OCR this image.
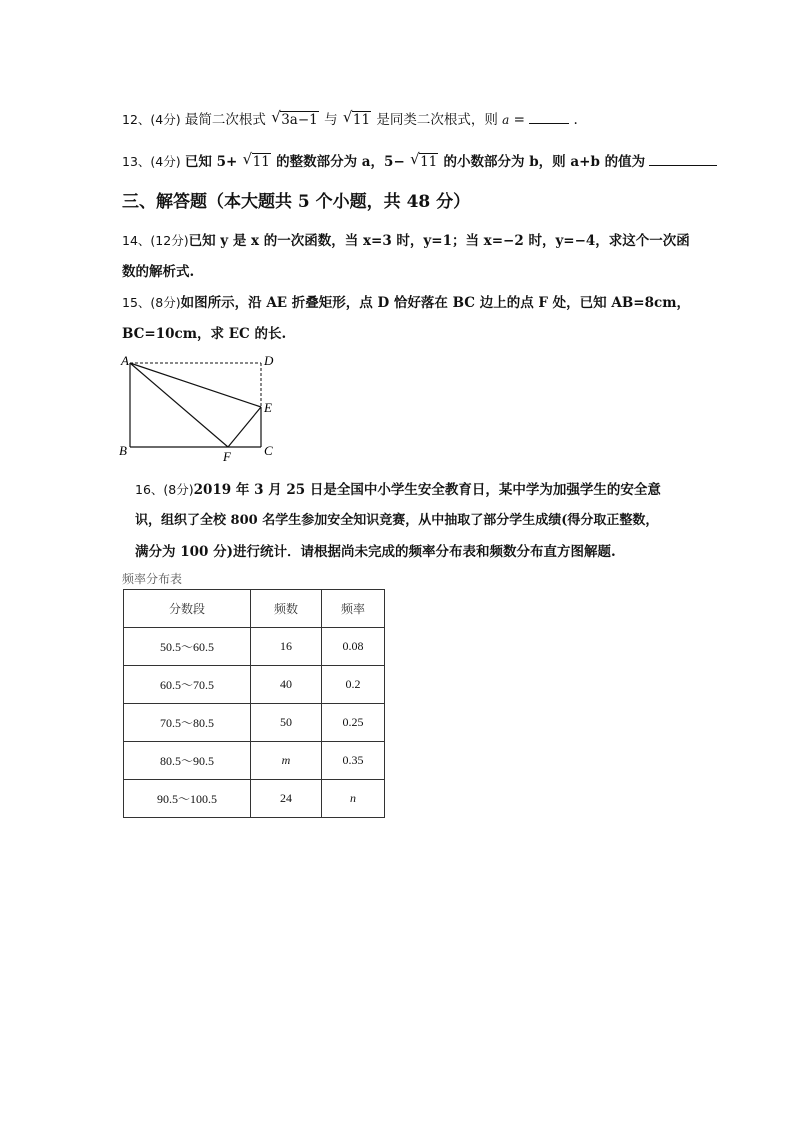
12、(4分) 最简二次根式 √ 3a−1 与 √ 11 是同类二次根式，则 a =	.
13、(4分) 已知 5+ √ 11 的整数部分为 a，5− √ 11 的小数部分为 b，则 a+b 的值为
三、解答题（本大题共 5 个小题，共 48 分）
14、(12分)已知 y 是 x 的一次函数，当 x=3 时，y=1；当 x=−2 时，y=−4，求这个一次函
数的解析式.
15、(8分)如图所示，沿 AE 折叠矩形，点 D 恰好落在 BC 边上的点 F 处，已知 AB=8cm，
BC=10cm，求 EC 的长.
A	D
E
B	C
F
16、(8分)2019 年 3 月 25 日是全国中小学生安全教育日，某中学为加强学生的安全意
识，组织了全校 800 名学生参加安全知识竞赛，从中抽取了部分学生成绩(得分取正整数，
满分为 100 分)进行统计．请根据尚未完成的频率分布表和频数分布直方图解题.
频率分布表
分数段	频数	频率
50.5～60.5	16	0.08
60.5～70.5	40	0.2
70.5～80.5	50	0.25
80.5～90.5	m	0.35
90.5～100.5	24	n
